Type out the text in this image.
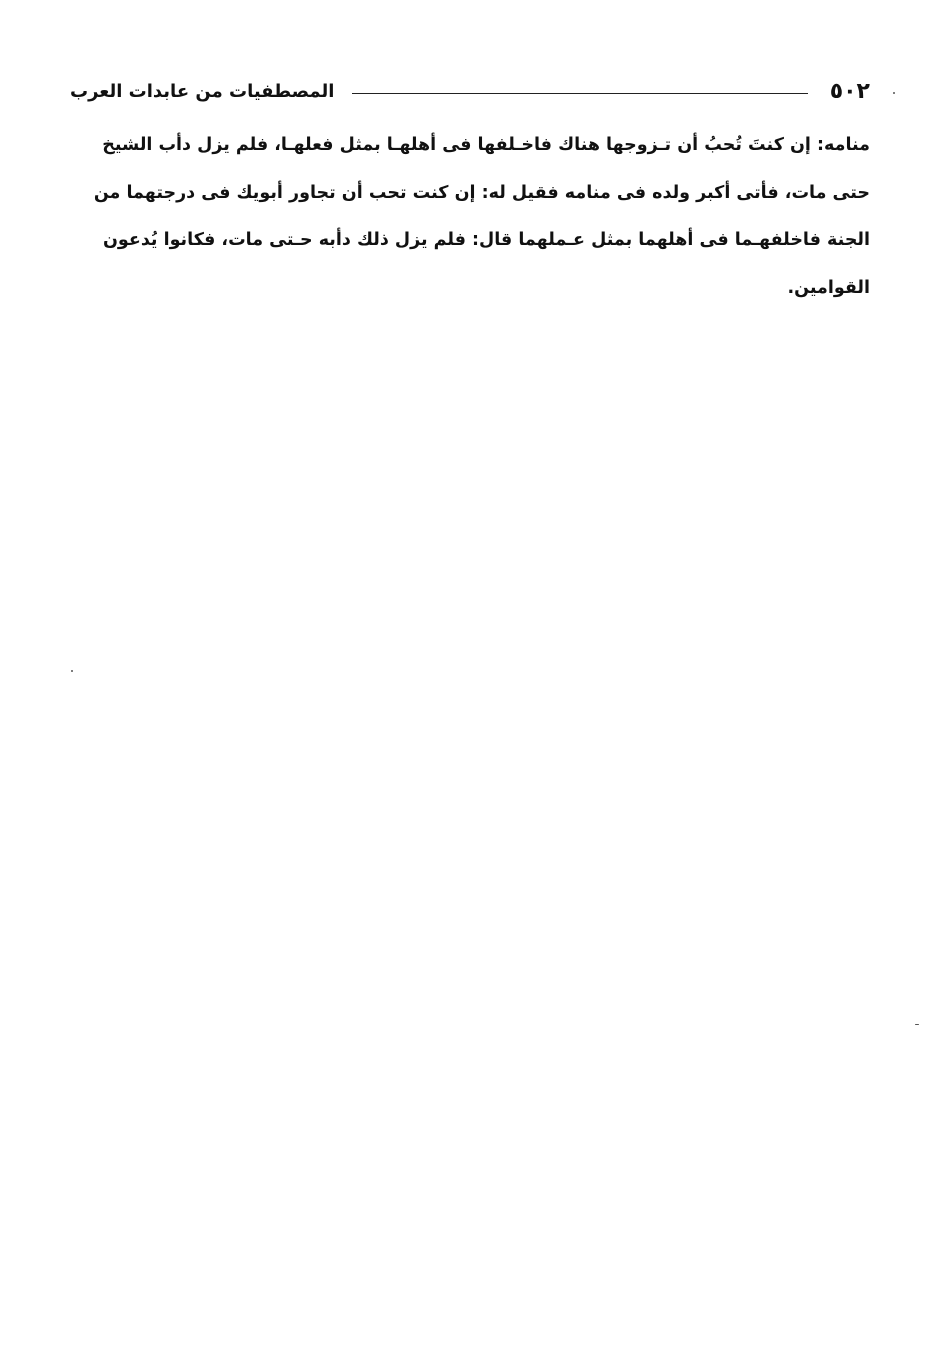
٥٠٢
المصطفيات من عابدات العرب
منامه: إن كنتَ تُحبُ أن تـزوجها هناك فاخـلفها فى أهلهـا بمثل فعلهـا، فلم يزل دأب الشيخ
حتى مات، فأتى أكبر ولده فى منامه فقيل له: إن كنت تحب أن تجاور أبويك فى درجتهما من
الجنة فاخلفهـما فى أهلهما بمثل عـملهما قال: فلم يزل ذلك دأبه حـتى مات، فكانوا يُدعون
القوامين.
